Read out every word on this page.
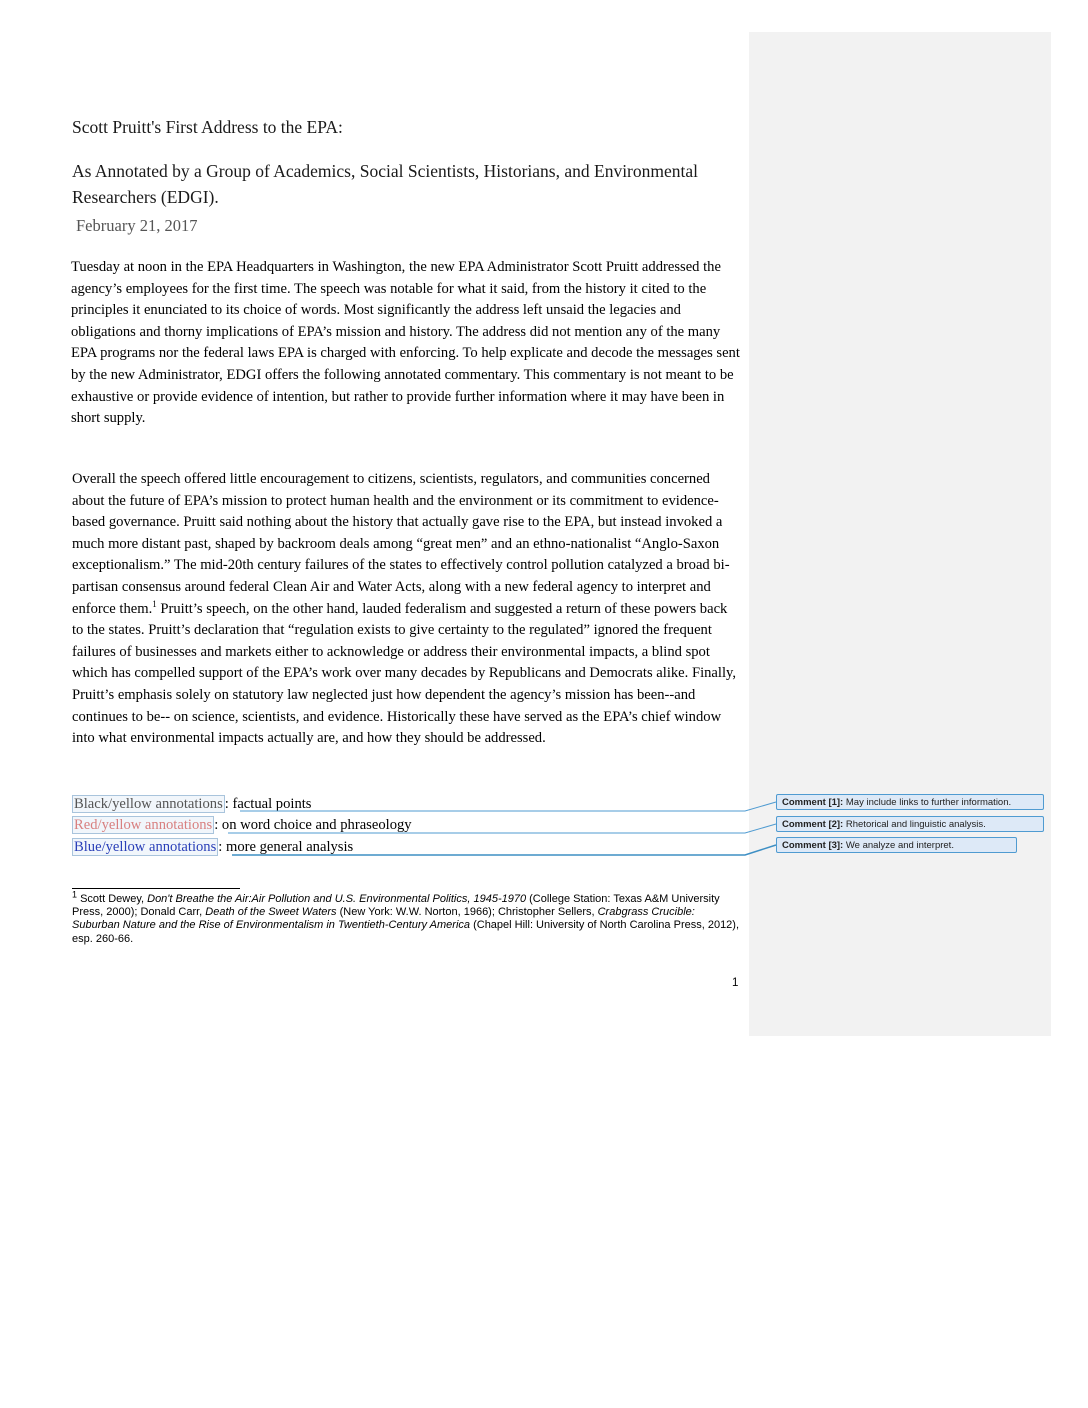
Scott Pruitt's First Address to the EPA:
As Annotated by a Group of Academics, Social Scientists, Historians, and Environmental Researchers (EDGI).
February 21, 2017

Tuesday at noon in the EPA Headquarters in Washington, the new EPA Administrator Scott Pruitt addressed the agency’s employees for the first time. The speech was notable for what it said, from the history it cited to the principles it enunciated to its choice of words. Most significantly the address left unsaid the legacies and obligations and thorny implications of EPA’s mission and history. The address did not mention any of the many EPA programs nor the federal laws EPA is charged with enforcing. To help explicate and decode the messages sent by the new Administrator, EDGI offers the following annotated commentary. This commentary is not meant to be exhaustive or provide evidence of intention, but rather to provide further information where it may have been in short supply.

Overall the speech offered little encouragement to citizens, scientists, regulators, and communities concerned about the future of EPA’s mission to protect human health and the environment or its commitment to evidence-based governance. Pruitt said nothing about the history that actually gave rise to the EPA, but instead invoked a much more distant past, shaped by backroom deals among “great men” and an ethno-nationalist “Anglo-Saxon exceptionalism.” The mid-20th century failures of the states to effectively control pollution catalyzed a broad bi-partisan consensus around federal Clean Air and Water Acts, along with a new federal agency to interpret and enforce them.$^1$ Pruitt’s speech, on the other hand, lauded federalism and suggested a return of these powers back to the states. Pruitt’s declaration that “regulation exists to give certainty to the regulated” ignored the frequent failures of businesses and markets either to acknowledge or address their environmental impacts, a blind spot which has compelled support of the EPA’s work over many decades by Republicans and Democrats alike. Finally, Pruitt’s emphasis solely on statutory law neglected just how dependent the agency’s mission has been--and continues to be-- on science, scientists, and evidence. Historically these have served as the EPA’s chief window into what environmental impacts actually are, and how they should be addressed.

Black/yellow annotations : factual points
Red/yellow annotations : on word choice and phraseology
Blue/yellow annotations : more general analysis
Comment [1]: May include links to further information.
Comment [2]: Rhetorical and linguistic analysis.
Comment [3]: We analyze and interpret.
$^1$ Scott Dewey, Don't Breathe the Air:Air Pollution and U.S. Environmental Politics, 1945-1970 (College Station: Texas A&M University Press, 2000); Donald Carr, Death of the Sweet Waters (New York: W.W. Norton, 1966); Christopher Sellers, Crabgrass Crucible: Suburban Nature and the Rise of Environmentalism in Twentieth-Century America (Chapel Hill: University of North Carolina Press, 2012), esp. 260-66.
1
